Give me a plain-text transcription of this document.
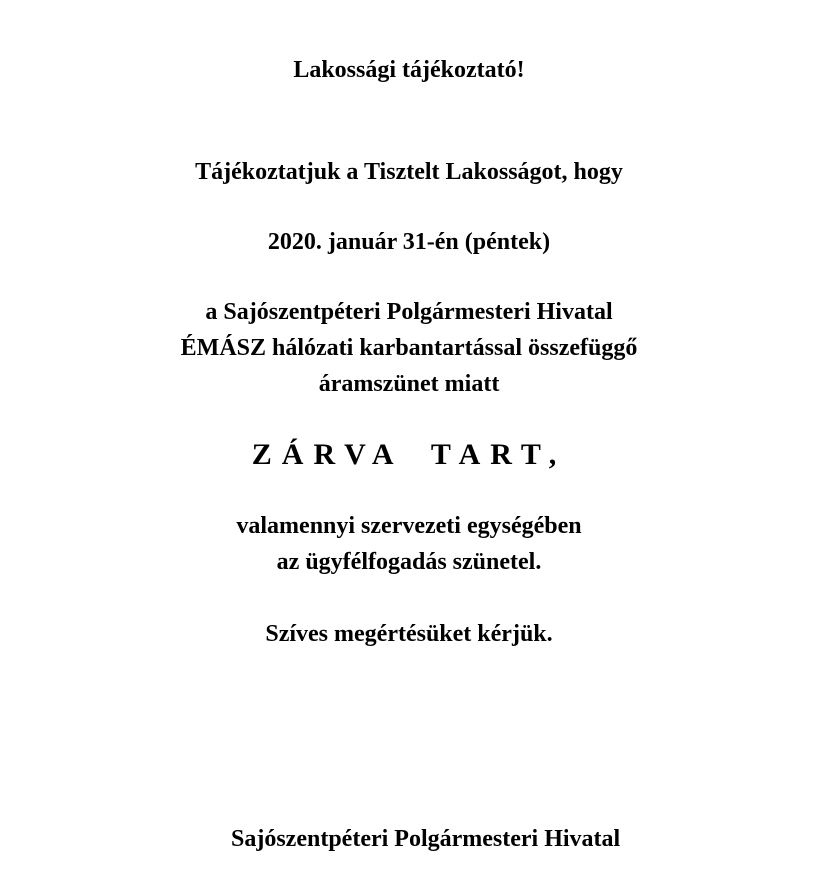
Lakossági tájékoztató!
Tájékoztatjuk a Tisztelt Lakosságot, hogy
2020. január 31-én (péntek)
a Sajószentpéteri Polgármesteri Hivatal
ÉMÁSZ hálózati karbantartással összefüggő
áramszünet miatt
ZÁRVA TART,
valamennyi szervezeti egységében
az ügyfélfogadás szünetel.
Szíves megértésüket kérjük.
Sajószentpéteri Polgármesteri Hivatal
